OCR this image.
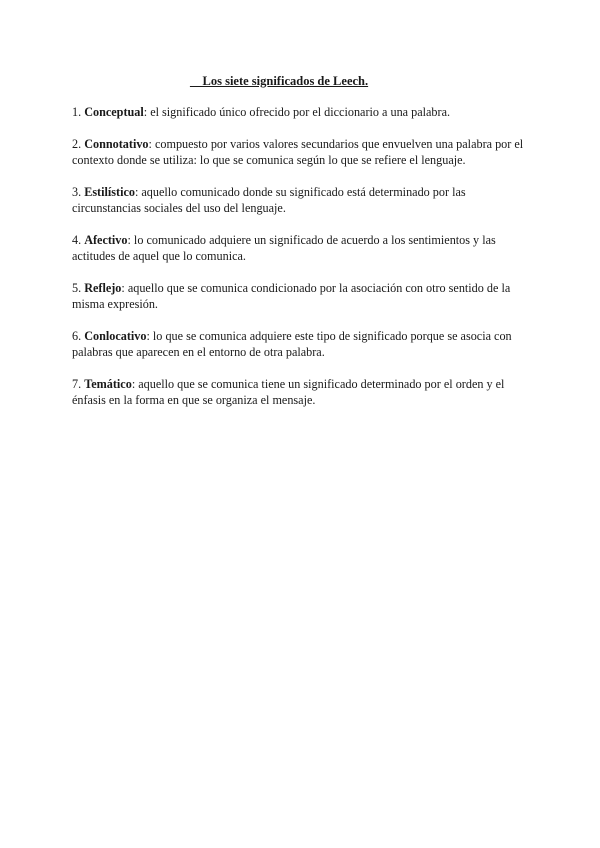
__Los siete significados de Leech.
1. Conceptual: el significado único ofrecido por el diccionario a una palabra.
2. Connotativo: compuesto por varios valores secundarios que envuelven una palabra por el contexto donde se utiliza: lo que se comunica según lo que se refiere el lenguaje.
3. Estilístico: aquello comunicado donde su significado está determinado por las circunstancias sociales del uso del lenguaje.
4. Afectivo: lo comunicado adquiere un significado de acuerdo a los sentimientos y las actitudes de aquel que lo comunica.
5. Reflejo: aquello que se comunica condicionado por la asociación con otro sentido de la misma expresión.
6. Conlocativo: lo que se comunica adquiere este tipo de significado porque se asocia con palabras que aparecen en el entorno de otra palabra.
7. Temático: aquello que se comunica tiene un significado determinado por el orden y el énfasis en la forma en que se organiza el mensaje.
